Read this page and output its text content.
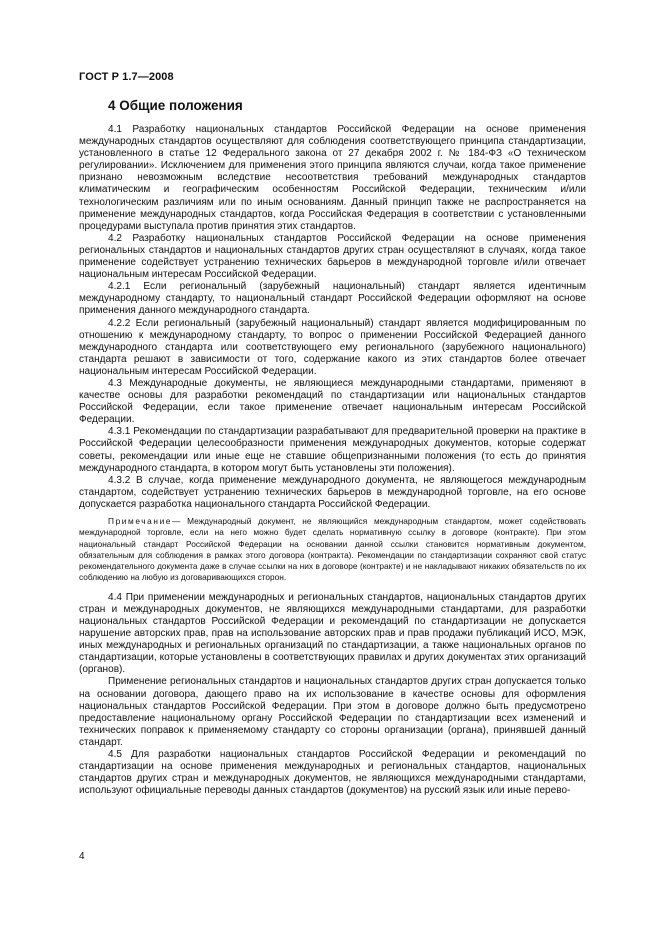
ГОСТ Р 1.7—2008
4 Общие положения

4.1 Разработку национальных стандартов Российской Федерации на основе применения международных стандартов осуществляют для соблюдения соответствующего принципа стандартизации, установленного в статье 12 Федерального закона от 27 декабря 2002 г. № 184-ФЗ «О техническом регулировании». Исключением для применения этого принципа являются случаи, когда такое применение признано невозможным вследствие несоответствия требований международных стандартов климатическим и географическим особенностям Российской Федерации, техническим и/или технологическим различиям или по иным основаниям. Данный принцип также не распространяется на применение международных стандартов, когда Российская Федерация в соответствии с установленными процедурами выступала против принятия этих стандартов.

4.2 Разработку национальных стандартов Российской Федерации на основе применения региональных стандартов и национальных стандартов других стран осуществляют в случаях, когда такое применение содействует устранению технических барьеров в международной торговле и/или отвечает национальным интересам Российской Федерации.

4.2.1 Если региональный (зарубежный национальный) стандарт является идентичным международному стандарту, то национальный стандарт Российской Федерации оформляют на основе применения данного международного стандарта.

4.2.2 Если региональный (зарубежный национальный) стандарт является модифицированным по отношению к международному стандарту, то вопрос о применении Российской Федерацией данного международного стандарта или соответствующего ему регионального (зарубежного национального) стандарта решают в зависимости от того, содержание какого из этих стандартов более отвечает национальным интересам Российской Федерации.

4.3 Международные документы, не являющиеся международными стандартами, применяют в качестве основы для разработки рекомендаций по стандартизации или национальных стандартов Российской Федерации, если такое применение отвечает национальным интересам Российской Федерации.

4.3.1 Рекомендации по стандартизации разрабатывают для предварительной проверки на практике в Российской Федерации целесообразности применения международных документов, которые содержат советы, рекомендации или иные еще не ставшие общепризнанными положения (то есть до принятия международного стандарта, в котором могут быть установлены эти положения).

4.3.2 В случае, когда применение международного документа, не являющегося международным стандартом, содействует устранению технических барьеров в международной торговле, на его основе допускается разработка национального стандарта Российской Федерации.

Примечание— Международный документ, не являющийся международным стандартом, может содействовать международной торговле, если на него можно будет сделать нормативную ссылку в договоре (контракте). При этом национальный стандарт Российской Федерации на основании данной ссылки становится нормативным документом, обязательным для соблюдения в рамках этого договора (контракта). Рекомендации по стандартизации сохраняют свой статус рекомендательного документа даже в случае ссылки на них в договоре (контракте) и не накладывают никаких обязательств по их соблюдению на любую из договаривающихся сторон.

4.4 При применении международных и региональных стандартов, национальных стандартов других стран и международных документов, не являющихся международными стандартами, для разработки национальных стандартов Российской Федерации и рекомендаций по стандартизации не допускается нарушение авторских прав, прав на использование авторских прав и прав продажи публикаций ИСО, МЭК, иных международных и региональных организаций по стандартизации, а также национальных органов по стандартизации, которые установлены в соответствующих правилах и других документах этих организаций (органов).

Применение региональных стандартов и национальных стандартов других стран допускается только на основании договора, дающего право на их использование в качестве основы для оформления национальных стандартов Российской Федерации. При этом в договоре должно быть предусмотрено предоставление национальному органу Российской Федерации по стандартизации всех изменений и технических поправок к применяемому стандарту со стороны организации (органа), принявшей данный стандарт.

4.5 Для разработки национальных стандартов Российской Федерации и рекомендаций по стандартизации на основе применения международных и региональных стандартов, национальных стандартов других стран и международных документов, не являющихся международными стандартами, используют официальные переводы данных стандартов (документов) на русский язык или иные перево-

4
